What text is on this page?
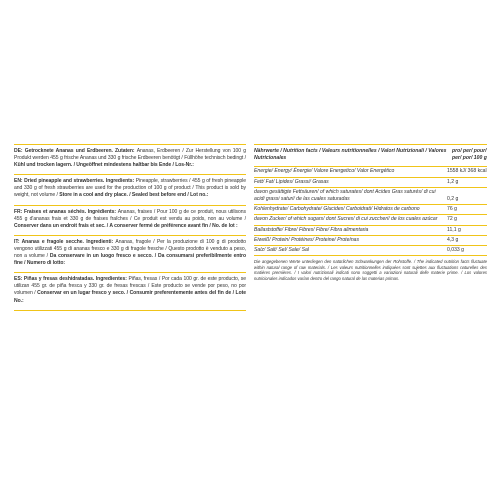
DE: Getrocknete Ananas und Erdbeeren. Zutaten: Ananas, Erdbeeren / Zur Herstellung von 100 g Produkt werden 455 g frische Ananas und 330 g frische Erdbeeren benötigt / Füllhöhe technisch bedingt / Kühl und trocken lagern. / Ungeöffnet mindestens haltbar bis Ende / Los-Nr.:

EN: Dried pineapple and strawberries. Ingredients: Pineapple, strawberries / 455 g of fresh pineapple and 330 g of fresh strawberries are used for the production of 100 g of product / This product is sold by weight, not volume / Store in a cool and dry place. / Sealed best before end / Lot no.:

FR: Fraises et ananas séchés. Ingrédients: Ananas, fraises / Pour 100 g de ce produit, nous utilisons 455 g d'ananas frais et 330 g de fraises fraîches / Ce produit est vendu au poids, non au volume / Conserver dans un endroit frais et sec. / A conserver fermé de préférence avant fin / No. de lot :

IT: Ananas e fragole secche. Ingredienti: Ananas, fragole / Per la produzione di 100 g di prodotto vengono utilizzati 455 g di ananas fresco e 330 g di fragole fresche / Questo prodotto è venduto a peso, non a volume / Da conservare in un luogo fresco e secco. / Da consumarsi preferibilmente entro fine / Numero di lotto:

ES: Piñas y fresas deshidratadas. Ingredientes: Piñas, fresas / Por cada 100 gr. de este producto, se utilizan 455 gr. de piña fresca y 330 gr. de fresas frescas / Este producto se vende por peso, no por volumen / Conservar en un lugar fresco y seco. / Consumir preferentemente antes del fin de / Lote No.:

Nährwerte / Nutrition facts / Valeurs nutritionnelles / Valori Nutrizionali / Valores Nutricionales
pro/ per/ pour/ per/ por/ 100 g
Energie/ Energy/ Énergie/ Valore Energetico/ Valor Energético	1558 kJ/ 368 kcal
Fett/ Fat/ Lipides/ Grassi/ Grasas	1,2 g
davon gesättigte Fettsäuren/ of which saturates/ dont Acides Gras saturés/ di cui acidi grassi saturi/ de las cuales saturadas	0,2 g
Kohlenhydrate/ Carbohydrate/ Glucides/ Carboidrati/ Hidratos de carbono	76 g
davon Zucker/ of which sugars/ dont Sucres/ di cui zuccheri/ de los cuales azúcar	72 g
Ballaststoffe/ Fibre/ Fibres/ Fibre/ Fibra alimentaria	11,1 g
Eiweiß/ Protein/ Protéines/ Proteine/ Proteínas	4,3 g
Salz/ Salt/ Sel/ Sale/ Sal	0,033 g
Die angegebenen Werte unterliegen den natürlichen Schwankungen der Rohstoffe. / The indicated nutrition facts fluctuate within natural range of raw materials. / Les valeurs nutritionnelles indiquées sont sujettes aux fluctuations naturelles des matières premières. / I valori nutrizionali indicati sono soggetti a variazioni naturali delle materie prime. / Los valores nutricionales indicados varían dentro del rango natural de las materias primas.
